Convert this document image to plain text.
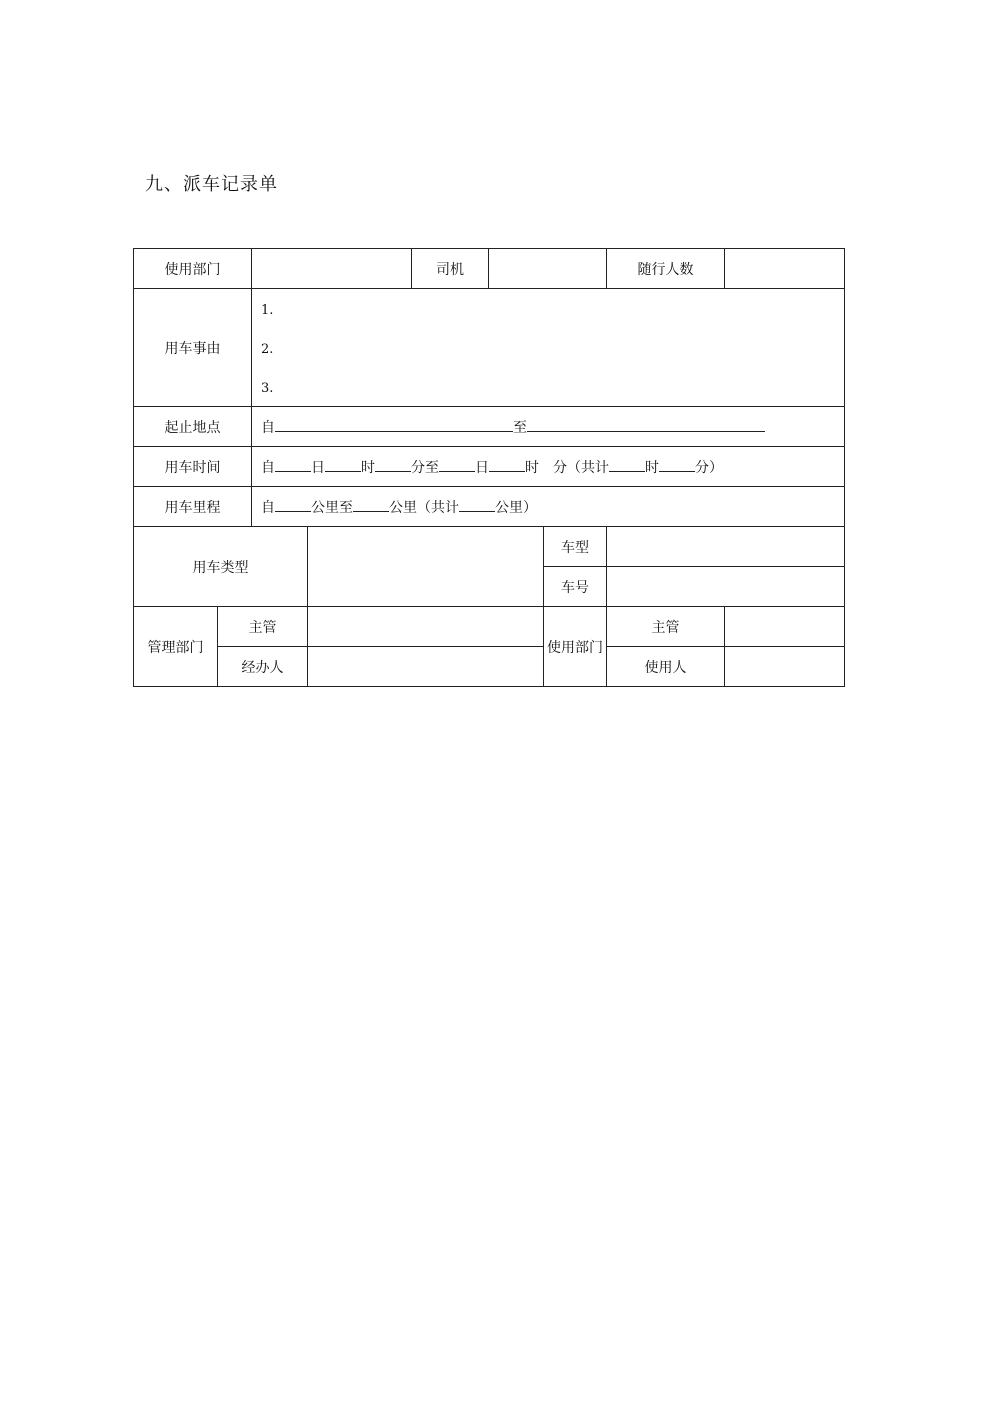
九、派车记录单
使用部门				司机			随行人数	
用车事由		1.
2.
3.						

起止地点		自 至						
用车时间		自 日 时 分至 日 时 分（共计 时 分）						
用车里程		自 公里至 公里（共计 公里）						
用车类型						车型		
						车号		
管理部门	主管					使用部门	主管	
	经办人						使用人	
